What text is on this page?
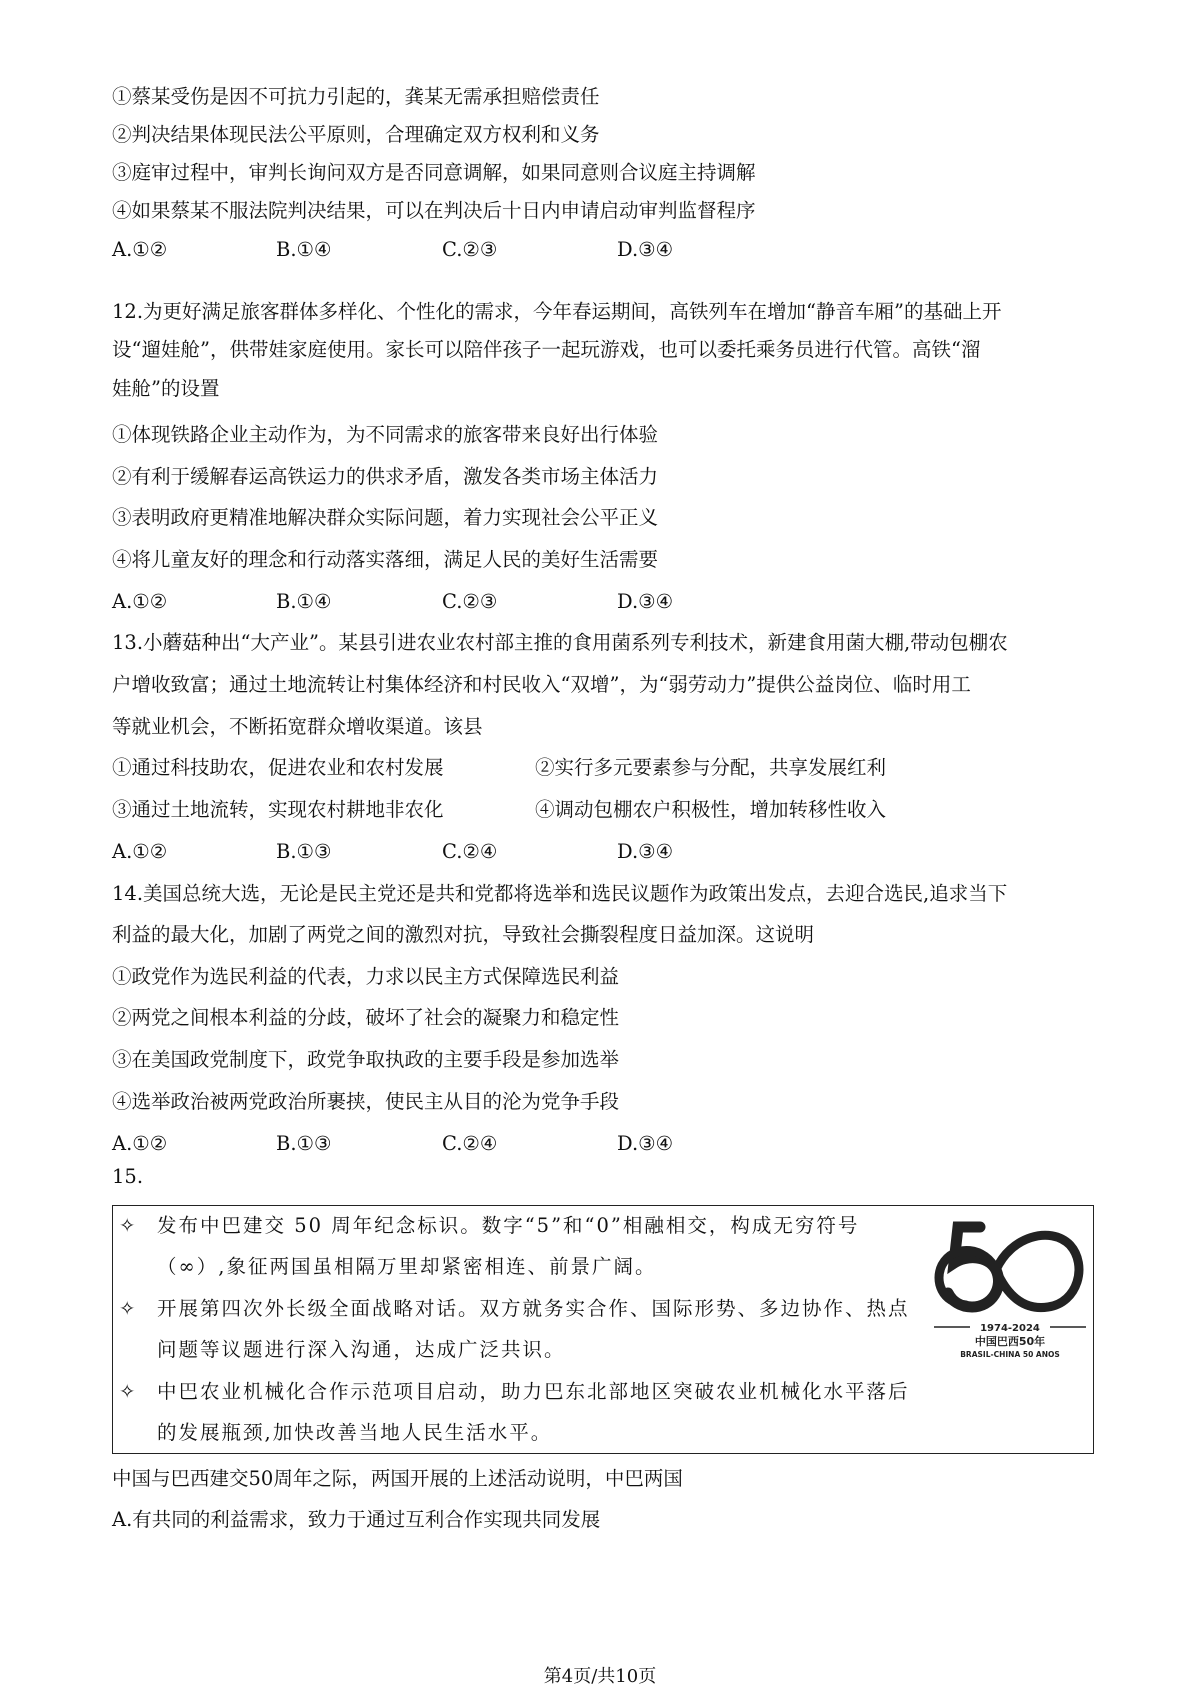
①蔡某受伤是因不可抗力引起的，龚某无需承担赔偿责任
②判决结果体现民法公平原则，合理确定双方权利和义务
③庭审过程中，审判长询问双方是否同意调解，如果同意则合议庭主持调解
④如果蔡某不服法院判决结果，可以在判决后十日内申请启动审判监督程序
A.①②	B.①④	C.②③	D.③④
12.为更好满足旅客群体多样化、个性化的需求，今年春运期间，高铁列车在增加“静音车厢”的基础上开
设“遛娃舱”，供带娃家庭使用。家长可以陪伴孩子一起玩游戏，也可以委托乘务员进行代管。高铁“溜
娃舱”的设置
①体现铁路企业主动作为，为不同需求的旅客带来良好出行体验
②有利于缓解春运高铁运力的供求矛盾，激发各类市场主体活力
③表明政府更精准地解决群众实际问题，着力实现社会公平正义
④将儿童友好的理念和行动落实落细，满足人民的美好生活需要
A.①②	B.①④	C.②③	D.③④
13.小蘑菇种出“大产业”。某县引进农业农村部主推的食用菌系列专利技术，新建食用菌大棚,带动包棚农
户增收致富；通过土地流转让村集体经济和村民收入“双增”，为“弱劳动力”提供公益岗位、临时用工
等就业机会，不断拓宽群众增收渠道。该县
①通过科技助农，促进农业和农村发展	②实行多元要素参与分配，共享发展红利
③通过土地流转，实现农村耕地非农化	④调动包棚农户积极性，增加转移性收入
A.①②	B.①③	C.②④	D.③④
14.美国总统大选，无论是民主党还是共和党都将选举和选民议题作为政策出发点，去迎合选民,追求当下
利益的最大化，加剧了两党之间的激烈对抗，导致社会撕裂程度日益加深。这说明
①政党作为选民利益的代表，力求以民主方式保障选民利益
②两党之间根本利益的分歧，破坏了社会的凝聚力和稳定性
③在美国政党制度下，政党争取执政的主要手段是参加选举
④选举政治被两党政治所裹挟，使民主从目的沦为党争手段
A.①②	B.①③	C.②④	D.③④
15.
✧ 发布中巴建交 50 周年纪念标识。数字“5”和“0”相融相交，构成无穷符号
（∞）,象征两国虽相隔万里却紧密相连、前景广阔。
✧ 开展第四次外长级全面战略对话。双方就务实合作、国际形势、多边协作、热点
问题等议题进行深入沟通，达成广泛共识。
✧ 中巴农业机械化合作示范项目启动，助力巴东北部地区突破农业机械化水平落后
的发展瓶颈,加快改善当地人民生活水平。
1974-2024
中国巴西50年
BRASIL-CHINA 50 ANOS
中国与巴西建交50周年之际，两国开展的上述活动说明，中巴两国
A.有共同的利益需求，致力于通过互利合作实现共同发展
第4页/共10页
